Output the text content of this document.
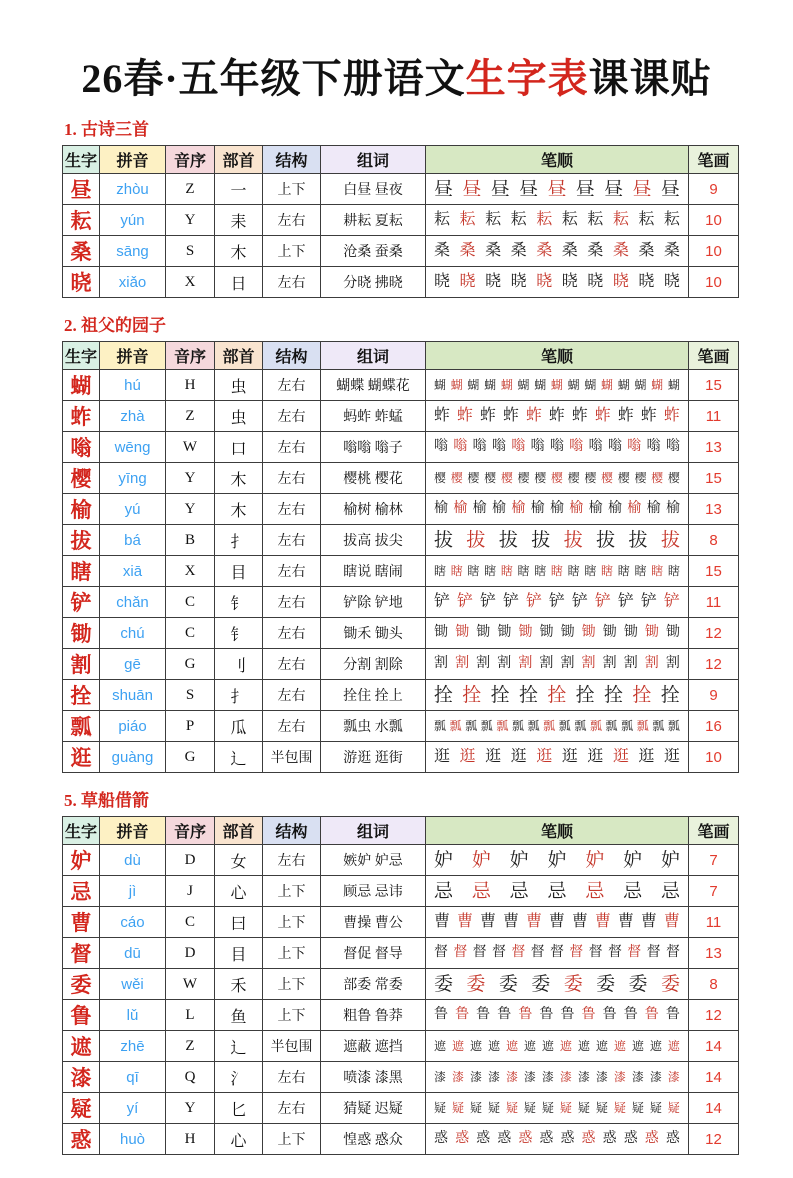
26春·五年级下册语文生字表课课贴
1. 古诗三首
生字	拼音	音序	部首	结构	组词	笔顺	笔画
昼	zhòu	Z	一	上下	白昼 昼夜	昼 昼 昼 昼 昼 昼 昼 昼 昼	9
耘	yún	Y	耒	左右	耕耘 夏耘	耘 耘 耘 耘 耘 耘 耘 耘 耘 耘	10
桑	sāng	S	木	上下	沧桑 蚕桑	桑 桑 桑 桑 桑 桑 桑 桑 桑 桑	10
晓	xiǎo	X	日	左右	分晓 拂晓	晓 晓 晓 晓 晓 晓 晓 晓 晓 晓	10
2. 祖父的园子
生字	拼音	音序	部首	结构	组词	笔顺	笔画
蝴	hú	H	虫	左右	蝴蝶 蝴蝶花	蝴 蝴 蝴 蝴 蝴 蝴 蝴 蝴 蝴 蝴 蝴 蝴 蝴 蝴 蝴	15
蚱	zhà	Z	虫	左右	蚂蚱 蚱蜢	蚱 蚱 蚱 蚱 蚱 蚱 蚱 蚱 蚱 蚱 蚱	11
嗡	wēng	W	口	左右	嗡嗡 嗡子	嗡 嗡 嗡 嗡 嗡 嗡 嗡 嗡 嗡 嗡 嗡 嗡 嗡	13
樱	yīng	Y	木	左右	樱桃 樱花	樱 樱 樱 樱 樱 樱 樱 樱 樱 樱 樱 樱 樱 樱 樱	15
榆	yú	Y	木	左右	榆树 榆林	榆 榆 榆 榆 榆 榆 榆 榆 榆 榆 榆 榆 榆	13
拔	bá	B	扌	左右	拔高 拔尖	拔 拔 拔 拔 拔 拔 拔 拔	8
瞎	xiā	X	目	左右	瞎说 瞎闹	瞎 瞎 瞎 瞎 瞎 瞎 瞎 瞎 瞎 瞎 瞎 瞎 瞎 瞎 瞎	15
铲	chǎn	C	钅	左右	铲除 铲地	铲 铲 铲 铲 铲 铲 铲 铲 铲 铲 铲	11
锄	chú	C	钅	左右	锄禾 锄头	锄 锄 锄 锄 锄 锄 锄 锄 锄 锄 锄 锄	12
割	gē	G	刂	左右	分割 割除	割 割 割 割 割 割 割 割 割 割 割 割	12
拴	shuān	S	扌	左右	拴住 拴上	拴 拴 拴 拴 拴 拴 拴 拴 拴	9
瓢	piáo	P	瓜	左右	瓢虫 水瓢	瓢 瓢 瓢 瓢 瓢 瓢 瓢 瓢 瓢 瓢 瓢 瓢 瓢 瓢 瓢 瓢	16
逛	guàng	G	辶	半包围	游逛 逛街	逛 逛 逛 逛 逛 逛 逛 逛 逛 逛	10
5. 草船借箭
生字	拼音	音序	部首	结构	组词	笔顺	笔画
妒	dù	D	女	左右	嫉妒 妒忌	妒 妒 妒 妒 妒 妒 妒	7
忌	jì	J	心	上下	顾忌 忌讳	忌 忌 忌 忌 忌 忌 忌	7
曹	cáo	C	曰	上下	曹操 曹公	曹 曹 曹 曹 曹 曹 曹 曹 曹 曹 曹	11
督	dū	D	目	上下	督促 督导	督 督 督 督 督 督 督 督 督 督 督 督 督	13
委	wěi	W	禾	上下	部委 常委	委 委 委 委 委 委 委 委	8
鲁	lǔ	L	鱼	上下	粗鲁 鲁莽	鲁 鲁 鲁 鲁 鲁 鲁 鲁 鲁 鲁 鲁 鲁 鲁	12
遮	zhē	Z	辶	半包围	遮蔽 遮挡	遮 遮 遮 遮 遮 遮 遮 遮 遮 遮 遮 遮 遮 遮	14
漆	qī	Q	氵	左右	喷漆 漆黑	漆 漆 漆 漆 漆 漆 漆 漆 漆 漆 漆 漆 漆 漆	14
疑	yí	Y	匕	左右	猜疑 迟疑	疑 疑 疑 疑 疑 疑 疑 疑 疑 疑 疑 疑 疑 疑	14
惑	huò	H	心	上下	惶惑 惑众	惑 惑 惑 惑 惑 惑 惑 惑 惑 惑 惑 惑	12
